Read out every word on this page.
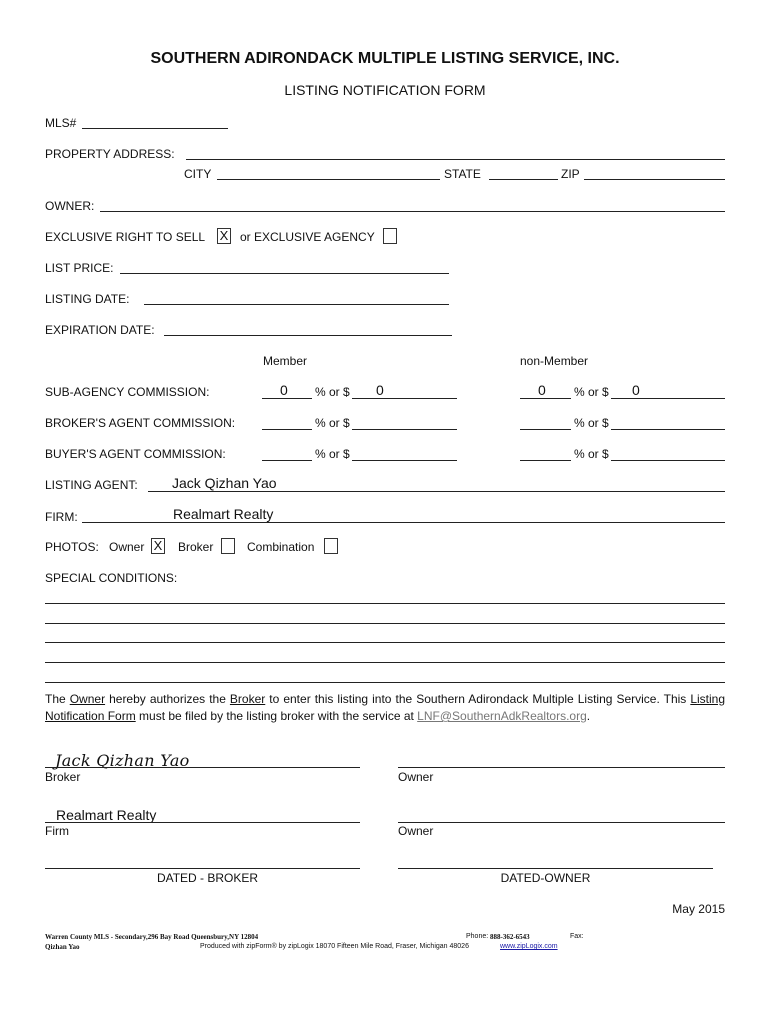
SOUTHERN ADIRONDACK MULTIPLE LISTING SERVICE, INC.
LISTING NOTIFICATION FORM
MLS#
PROPERTY ADDRESS:
CITY	STATE	ZIP
OWNER:
EXCLUSIVE RIGHT TO SELL X or EXCLUSIVE AGENCY
LIST PRICE:
LISTING DATE:
EXPIRATION DATE:
Member	non-Member
SUB-AGENCY COMMISSION:	0 % or $ 0	0 % or $ 0
BROKER'S AGENT COMMISSION:	% or $	% or $
BUYER'S AGENT COMMISSION:	% or $	% or $
LISTING AGENT: Jack Qizhan Yao
FIRM:	Realmart Realty
PHOTOS: Owner X Broker	Combination
SPECIAL CONDITIONS:
The Owner hereby authorizes the Broker to enter this listing into the Southern Adirondack Multiple Listing Service. This Listing Notification Form must be filed by the listing broker with the service at LNF@SouthernAdkRealtors.org.
Jack Qizhan Yao
Broker	Owner
Realmart Realty
Firm	Owner
DATED - BROKER	DATED-OWNER
May 2015
Warren County MLS - Secondary,296 Bay Road Queensbury,NY 12804	Phone: 888-362-6543	Fax:
Qizhan Yao	Produced with zipForm® by zipLogix 18070 Fifteen Mile Road, Fraser, Michigan 48026	www.zipLogix.com
